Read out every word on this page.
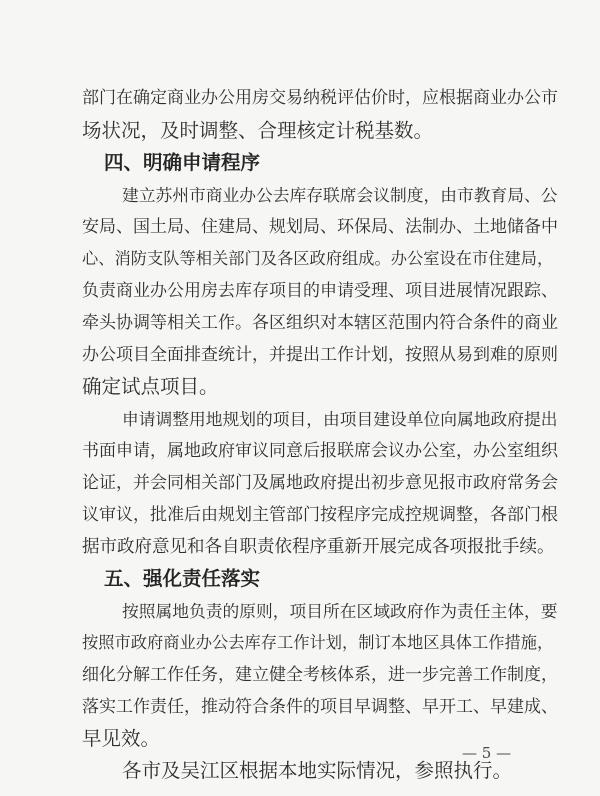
部门在确定商业办公用房交易纳税评估价时，应根据商业办公市
场状况，及时调整、合理核定计税基数。
四、明确申请程序
建立苏州市商业办公去库存联席会议制度，由市教育局、公
安局、国土局、住建局、规划局、环保局、法制办、土地储备中
心、消防支队等相关部门及各区政府组成。办公室设在市住建局，
负责商业办公用房去库存项目的申请受理、项目进展情况跟踪、
牵头协调等相关工作。各区组织对本辖区范围内符合条件的商业
办公项目全面排查统计，并提出工作计划，按照从易到难的原则
确定试点项目。
申请调整用地规划的项目，由项目建设单位向属地政府提出
书面申请，属地政府审议同意后报联席会议办公室，办公室组织
论证，并会同相关部门及属地政府提出初步意见报市政府常务会
议审议，批准后由规划主管部门按程序完成控规调整，各部门根
据市政府意见和各自职责依程序重新开展完成各项报批手续。
五、强化责任落实
按照属地负责的原则，项目所在区域政府作为责任主体，要
按照市政府商业办公去库存工作计划，制订本地区具体工作措施，
细化分解工作任务，建立健全考核体系，进一步完善工作制度，
落实工作责任，推动符合条件的项目早调整、早开工、早建成、
早见效。
各市及吴江区根据本地实际情况，参照执行。
— 5 —
